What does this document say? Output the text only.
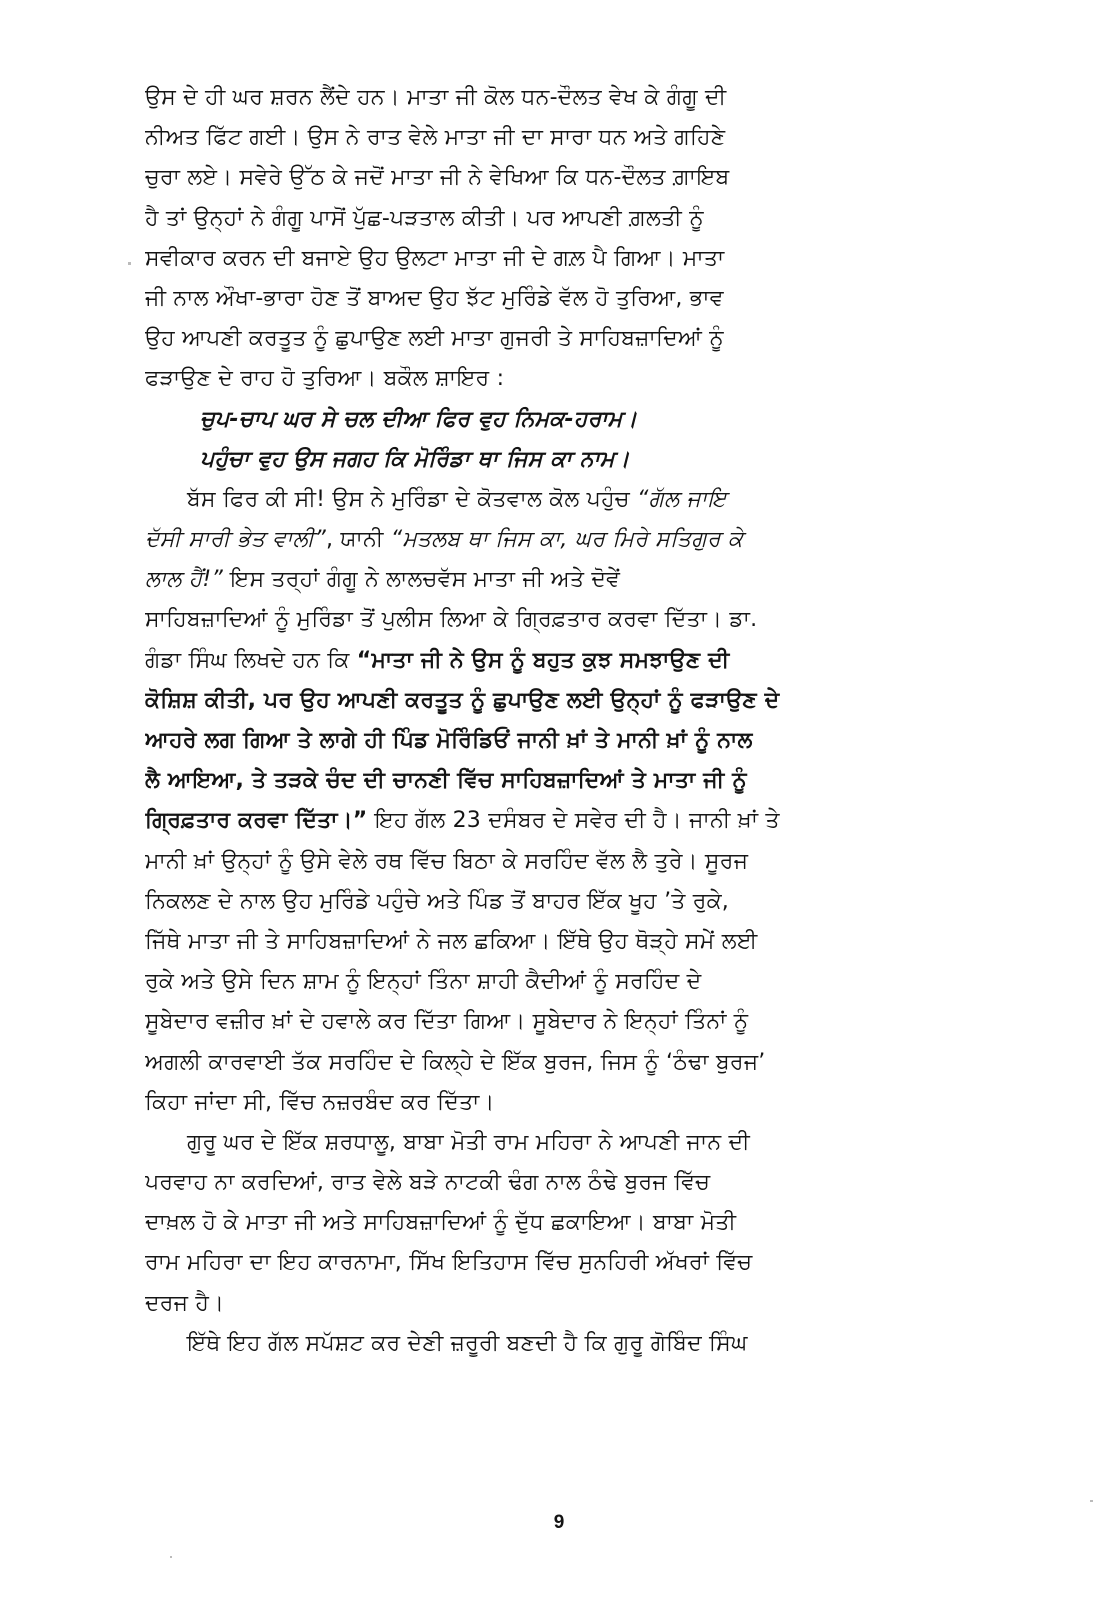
ਉਸ ਦੇ ਹੀ ਘਰ ਸ਼ਰਨ ਲੈਂਦੇ ਹਨ। ਮਾਤਾ ਜੀ ਕੋਲ ਧਨ-ਦੌਲਤ ਵੇਖ ਕੇ ਗੰਗੂ ਦੀ
ਨੀਅਤ ਫਿੱਟ ਗਈ। ਉਸ ਨੇ ਰਾਤ ਵੇਲੇ ਮਾਤਾ ਜੀ ਦਾ ਸਾਰਾ ਧਨ ਅਤੇ ਗਹਿਣੇ
ਚੁਰਾ ਲਏ। ਸਵੇਰੇ ਉੱਠ ਕੇ ਜਦੋਂ ਮਾਤਾ ਜੀ ਨੇ ਵੇਖਿਆ ਕਿ ਧਨ-ਦੌਲਤ ਗ਼ਾਇਬ
ਹੈ ਤਾਂ ਉਨ੍ਹਾਂ ਨੇ ਗੰਗੂ ਪਾਸੋਂ ਪੁੱਛ-ਪੜਤਾਲ ਕੀਤੀ। ਪਰ ਆਪਣੀ ਗ਼ਲਤੀ ਨੂੰ
ਸਵੀਕਾਰ ਕਰਨ ਦੀ ਬਜਾਏ ਉਹ ਉਲਟਾ ਮਾਤਾ ਜੀ ਦੇ ਗਲ਼ ਪੈ ਗਿਆ। ਮਾਤਾ
ਜੀ ਨਾਲ ਔਖਾ-ਭਾਰਾ ਹੋਣ ਤੋਂ ਬਾਅਦ ਉਹ ਝੱਟ ਮੁਰਿੰਡੇ ਵੱਲ ਹੋ ਤੁਰਿਆ, ਭਾਵ
ਉਹ ਆਪਣੀ ਕਰਤੂਤ ਨੂੰ ਛੁਪਾਉਣ ਲਈ ਮਾਤਾ ਗੁਜਰੀ ਤੇ ਸਾਹਿਬਜ਼ਾਦਿਆਂ ਨੂੰ
ਫੜਾਉਣ ਦੇ ਰਾਹ ਹੋ ਤੁਰਿਆ। ਬਕੌਲ ਸ਼ਾਇਰ :
ਚੁਪ-ਚਾਪ ਘਰ ਸੇ ਚਲ ਦੀਆ ਫਿਰ ਵੁਹ ਨਿਮਕ-ਹਰਾਮ।
ਪਹੁੰਚਾ ਵੁਹ ਉਸ ਜਗਹ ਕਿ ਮੋਰਿੰਡਾ ਥਾ ਜਿਸ ਕਾ ਨਾਮ।
ਬੱਸ ਫਿਰ ਕੀ ਸੀ! ਉਸ ਨੇ ਮੁਰਿੰਡਾ ਦੇ ਕੋਤਵਾਲ ਕੋਲ ਪਹੁੰਚ “ਗੱਲ ਜਾਇ
ਦੱਸੀ ਸਾਰੀ ਭੇਤ ਵਾਲੀ”, ਯਾਨੀ “ਮਤਲਬ ਥਾ ਜਿਸ ਕਾ, ਘਰ ਮਿਰੇ ਸਤਿਗੁਰ ਕੇ
ਲਾਲ ਹੈਂ!” ਇਸ ਤਰ੍ਹਾਂ ਗੰਗੂ ਨੇ ਲਾਲਚਵੱਸ ਮਾਤਾ ਜੀ ਅਤੇ ਦੋਵੇਂ
ਸਾਹਿਬਜ਼ਾਦਿਆਂ ਨੂੰ ਮੁਰਿੰਡਾ ਤੋਂ ਪੁਲੀਸ ਲਿਆ ਕੇ ਗ੍ਰਿਫ਼ਤਾਰ ਕਰਵਾ ਦਿੱਤਾ। ਡਾ.
ਗੰਡਾ ਸਿੰਘ ਲਿਖਦੇ ਹਨ ਕਿ “ਮਾਤਾ ਜੀ ਨੇ ਉਸ ਨੂੰ ਬਹੁਤ ਕੁਝ ਸਮਝਾਉਣ ਦੀ
ਕੋਸ਼ਿਸ਼ ਕੀਤੀ, ਪਰ ਉਹ ਆਪਣੀ ਕਰਤੂਤ ਨੂੰ ਛੁਪਾਉਣ ਲਈ ਉਨ੍ਹਾਂ ਨੂੰ ਫੜਾਉਣ ਦੇ
ਆਹਰੇ ਲਗ ਗਿਆ ਤੇ ਲਾਗੇ ਹੀ ਪਿੰਡ ਮੋਰਿੰਡਿਓਂ ਜਾਨੀ ਖ਼ਾਂ ਤੇ ਮਾਨੀ ਖ਼ਾਂ ਨੂੰ ਨਾਲ
ਲੈ ਆਇਆ, ਤੇ ਤੜਕੇ ਚੰਦ ਦੀ ਚਾਨਣੀ ਵਿੱਚ ਸਾਹਿਬਜ਼ਾਦਿਆਂ ਤੇ ਮਾਤਾ ਜੀ ਨੂੰ
ਗ੍ਰਿਫ਼ਤਾਰ ਕਰਵਾ ਦਿੱਤਾ।” ਇਹ ਗੱਲ 23 ਦਸੰਬਰ ਦੇ ਸਵੇਰ ਦੀ ਹੈ। ਜਾਨੀ ਖ਼ਾਂ ਤੇ
ਮਾਨੀ ਖ਼ਾਂ ਉਨ੍ਹਾਂ ਨੂੰ ਉਸੇ ਵੇਲੇ ਰਥ ਵਿੱਚ ਬਿਠਾ ਕੇ ਸਰਹਿੰਦ ਵੱਲ ਲੈ ਤੁਰੇ। ਸੂਰਜ
ਨਿਕਲਣ ਦੇ ਨਾਲ ਉਹ ਮੁਰਿੰਡੇ ਪਹੁੰਚੇ ਅਤੇ ਪਿੰਡ ਤੋਂ ਬਾਹਰ ਇੱਕ ਖੂਹ ’ਤੇ ਰੁਕੇ,
ਜਿੱਥੇ ਮਾਤਾ ਜੀ ਤੇ ਸਾਹਿਬਜ਼ਾਦਿਆਂ ਨੇ ਜਲ ਛਕਿਆ। ਇੱਥੇ ਉਹ ਥੋੜ੍ਹੇ ਸਮੇਂ ਲਈ
ਰੁਕੇ ਅਤੇ ਉਸੇ ਦਿਨ ਸ਼ਾਮ ਨੂੰ ਇਨ੍ਹਾਂ ਤਿੰਨਾ ਸ਼ਾਹੀ ਕੈਦੀਆਂ ਨੂੰ ਸਰਹਿੰਦ ਦੇ
ਸੂਬੇਦਾਰ ਵਜ਼ੀਰ ਖ਼ਾਂ ਦੇ ਹਵਾਲੇ ਕਰ ਦਿੱਤਾ ਗਿਆ। ਸੂਬੇਦਾਰ ਨੇ ਇਨ੍ਹਾਂ ਤਿੰਨਾਂ ਨੂੰ
ਅਗਲੀ ਕਾਰਵਾਈ ਤੱਕ ਸਰਹਿੰਦ ਦੇ ਕਿਲ੍ਹੇ ਦੇ ਇੱਕ ਬੁਰਜ, ਜਿਸ ਨੂੰ ‘ਠੰਢਾ ਬੁਰਜ’
ਕਿਹਾ ਜਾਂਦਾ ਸੀ, ਵਿੱਚ ਨਜ਼ਰਬੰਦ ਕਰ ਦਿੱਤਾ।
ਗੁਰੂ ਘਰ ਦੇ ਇੱਕ ਸ਼ਰਧਾਲੂ, ਬਾਬਾ ਮੋਤੀ ਰਾਮ ਮਹਿਰਾ ਨੇ ਆਪਣੀ ਜਾਨ ਦੀ
ਪਰਵਾਹ ਨਾ ਕਰਦਿਆਂ, ਰਾਤ ਵੇਲੇ ਬੜੇ ਨਾਟਕੀ ਢੰਗ ਨਾਲ ਠੰਢੇ ਬੁਰਜ ਵਿੱਚ
ਦਾਖ਼ਲ ਹੋ ਕੇ ਮਾਤਾ ਜੀ ਅਤੇ ਸਾਹਿਬਜ਼ਾਦਿਆਂ ਨੂੰ ਦੁੱਧ ਛਕਾਇਆ। ਬਾਬਾ ਮੋਤੀ
ਰਾਮ ਮਹਿਰਾ ਦਾ ਇਹ ਕਾਰਨਾਮਾ, ਸਿੱਖ ਇਤਿਹਾਸ ਵਿੱਚ ਸੁਨਹਿਰੀ ਅੱਖਰਾਂ ਵਿੱਚ
ਦਰਜ ਹੈ।
ਇੱਥੇ ਇਹ ਗੱਲ ਸਪੱਸ਼ਟ ਕਰ ਦੇਣੀ ਜ਼ਰੂਰੀ ਬਣਦੀ ਹੈ ਕਿ ਗੁਰੂ ਗੋਬਿੰਦ ਸਿੰਘ
9
